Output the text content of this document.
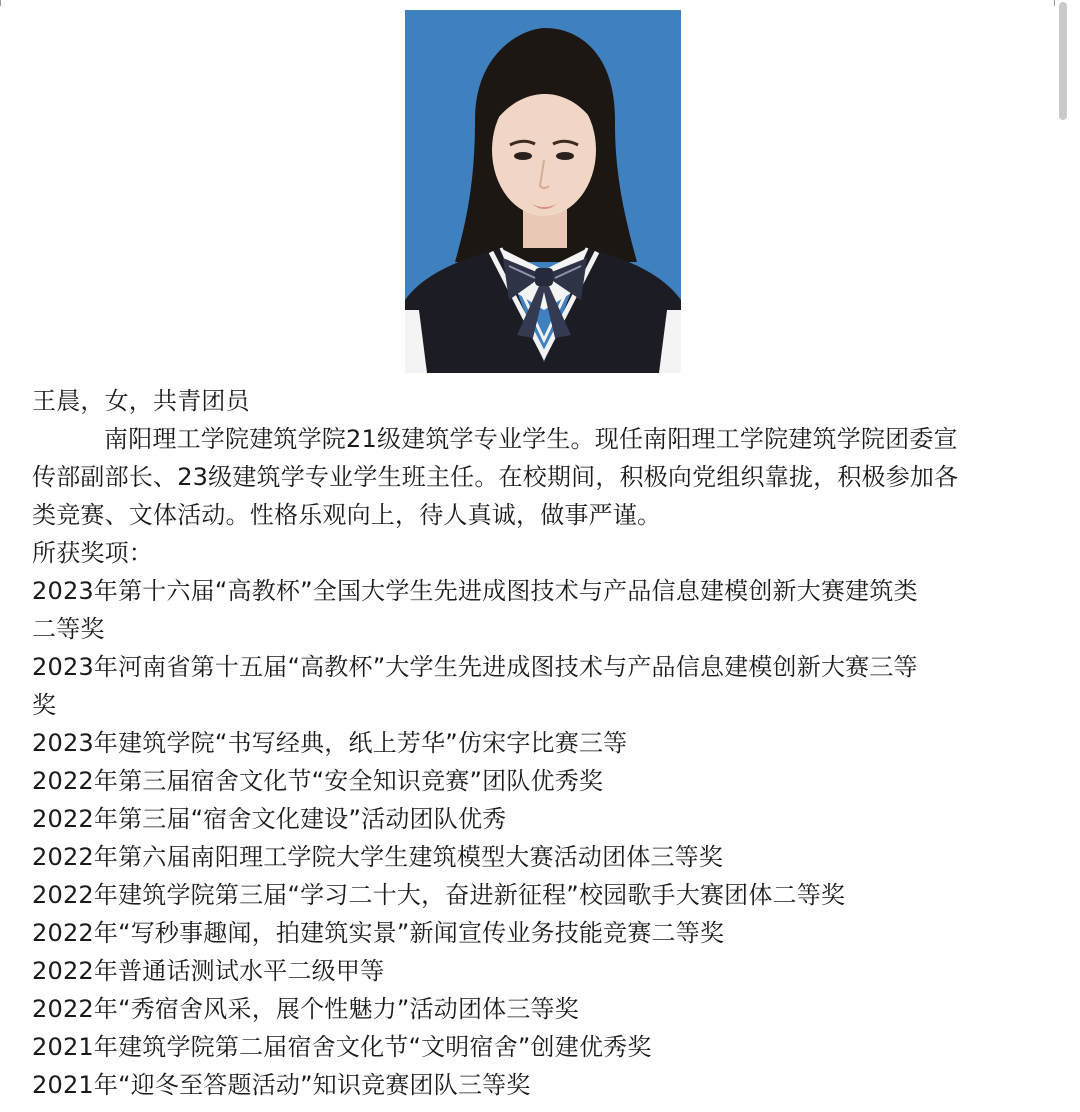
王晨，女，共青团员
南阳理工学院建筑学院21级建筑学专业学生。现任南阳理工学院建筑学院团委宣
传部副部长、23级建筑学专业学生班主任。在校期间，积极向党组织靠拢，积极参加各
类竞赛、文体活动。性格乐观向上，待人真诚，做事严谨。
所获奖项：
2023年第十六届“高教杯”全国大学生先进成图技术与产品信息建模创新大赛建筑类
二等奖
2023年河南省第十五届“高教杯”大学生先进成图技术与产品信息建模创新大赛三等
奖
2023年建筑学院“书写经典，纸上芳华”仿宋字比赛三等
2022年第三届宿舍文化节“安全知识竞赛”团队优秀奖
2022年第三届“宿舍文化建设”活动团队优秀
2022年第六届南阳理工学院大学生建筑模型大赛活动团体三等奖
2022年建筑学院第三届“学习二十大，奋进新征程”校园歌手大赛团体二等奖
2022年“写秒事趣闻，拍建筑实景”新闻宣传业务技能竞赛二等奖
2022年普通话测试水平二级甲等
2022年“秀宿舍风采，展个性魅力”活动团体三等奖
2021年建筑学院第二届宿舍文化节“文明宿舍”创建优秀奖
2021年“迎冬至答题活动”知识竞赛团队三等奖
